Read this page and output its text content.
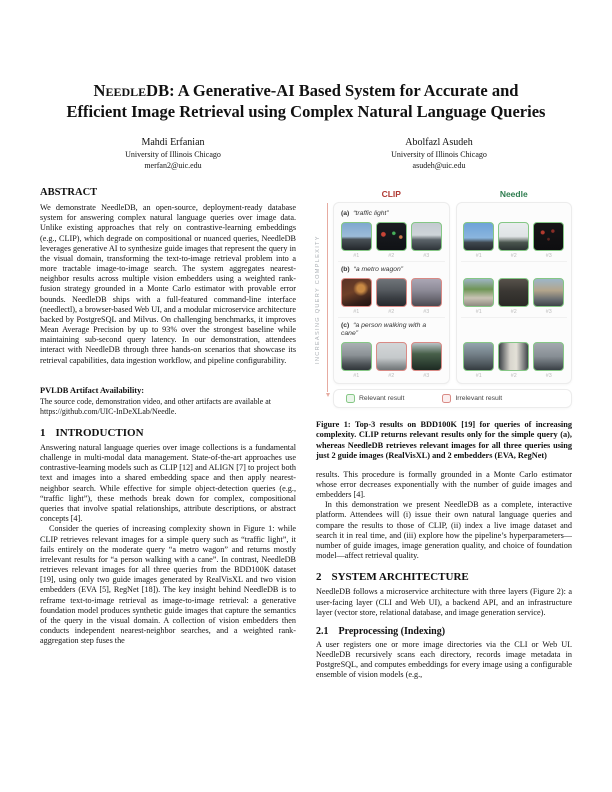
NeedleDB: A Generative-AI Based System for Accurate and Efficient Image Retrieval using Complex Natural Language Queries
Mahdi Erfanian
University of Illinois Chicago
merfan2@uic.edu
Abolfazl Asudeh
University of Illinois Chicago
asudeh@uic.edu
ABSTRACT

We demonstrate NeedleDB, an open-source, deployment-ready database system for answering complex natural language queries over image data. Unlike existing approaches that rely on contrastive-learning embeddings (e.g., CLIP), which degrade on compositional or nuanced queries, NeedleDB leverages generative AI to synthesize guide images that represent the query in the visual domain, transforming the text-to-image retrieval problem into a more tractable image-to-image search. The system aggregates nearest-neighbor results across multiple vision embedders using a weighted rank-fusion strategy grounded in a Monte Carlo estimator with provable error bounds. NeedleDB ships with a full-featured command-line interface (needlectl), a browser-based Web UI, and a modular microservice architecture backed by PostgreSQL and Milvus. On challenging benchmarks, it improves Mean Average Precision by up to 93% over the strongest baseline while maintaining sub-second query latency. In our demonstration, attendees interact with NeedleDB through three hands-on scenarios that showcase its retrieval capabilities, data ingestion workflow, and pipeline configurability.

PVLDB Artifact Availability:

The source code, demonstration video, and other artifacts are available at https://github.com/UIC-InDeXLab/Needle.

1 INTRODUCTION

Answering natural language queries over image collections is a fundamental challenge in multi-modal data management. State-of-the-art approaches use contrastive-learning models such as CLIP [12] and ALIGN [7] to project both text and images into a shared embedding space and then apply nearest-neighbor search. While effective for simple object-detection queries (e.g., “traffic light”), these methods break down for complex, compositional queries that involve spatial relationships, attribute descriptions, or abstract concepts [4].

Consider the queries of increasing complexity shown in Figure 1: while CLIP retrieves relevant images for a simple query such as “traffic light”, it fails entirely on the moderate query “a metro wagon” and returns mostly irrelevant results for “a person walking with a cane”. In contrast, NeedleDB retrieves relevant images for all three queries from the BDD100K dataset [19], using only two guide images generated by RealVisXL and two vision embedders (EVA [5], RegNet [18]). The key insight behind NeedleDB is to reframe text-to-image retrieval as image-to-image retrieval: a generative foundation model produces synthetic guide images that capture the semantics of the query in the visual domain. A collection of vision embedders then conducts independent nearest-neighbor searches, and a weighted rank-aggregation step fuses the

INCREASING QUERY COMPLEXITY
CLIP	Needle
(a) “traffic light”
#1	#2	#3
(b) “a metro wagon”
#1	#2	#3
(c) “a person walking with a cane”
#1	#2	#3
#1	#2	#3
#1	#2	#3
#1	#2	#3
Relevant result	Irrelevant result

Figure 1: Top-3 results on BDD100K [19] for queries of increasing complexity. CLIP returns relevant results only for the simple query (a), whereas NeedleDB retrieves relevant images for all three queries using just 2 guide images (RealVisXL) and 2 embedders (EVA, RegNet)

results. This procedure is formally grounded in a Monte Carlo estimator whose error decreases exponentially with the number of guide images and embedders [4].

In this demonstration we present NeedleDB as a complete, interactive platform. Attendees will (i) issue their own natural language queries and compare the results to those of CLIP, (ii) index a live image dataset and search it in real time, and (iii) explore how the pipeline’s hyperparameters—number of guide images, image generation quality, and choice of foundation model—affect retrieval quality.

2 SYSTEM ARCHITECTURE

NeedleDB follows a microservice architecture with three layers (Figure 2): a user-facing layer (CLI and Web UI), a backend API, and an infrastructure layer (vector store, relational database, and image generation service).

2.1 Preprocessing (Indexing)

A user registers one or more image directories via the CLI or Web UI. NeedleDB recursively scans each directory, records image metadata in PostgreSQL, and computes embeddings for every image using a configurable ensemble of vision models (e.g.,
